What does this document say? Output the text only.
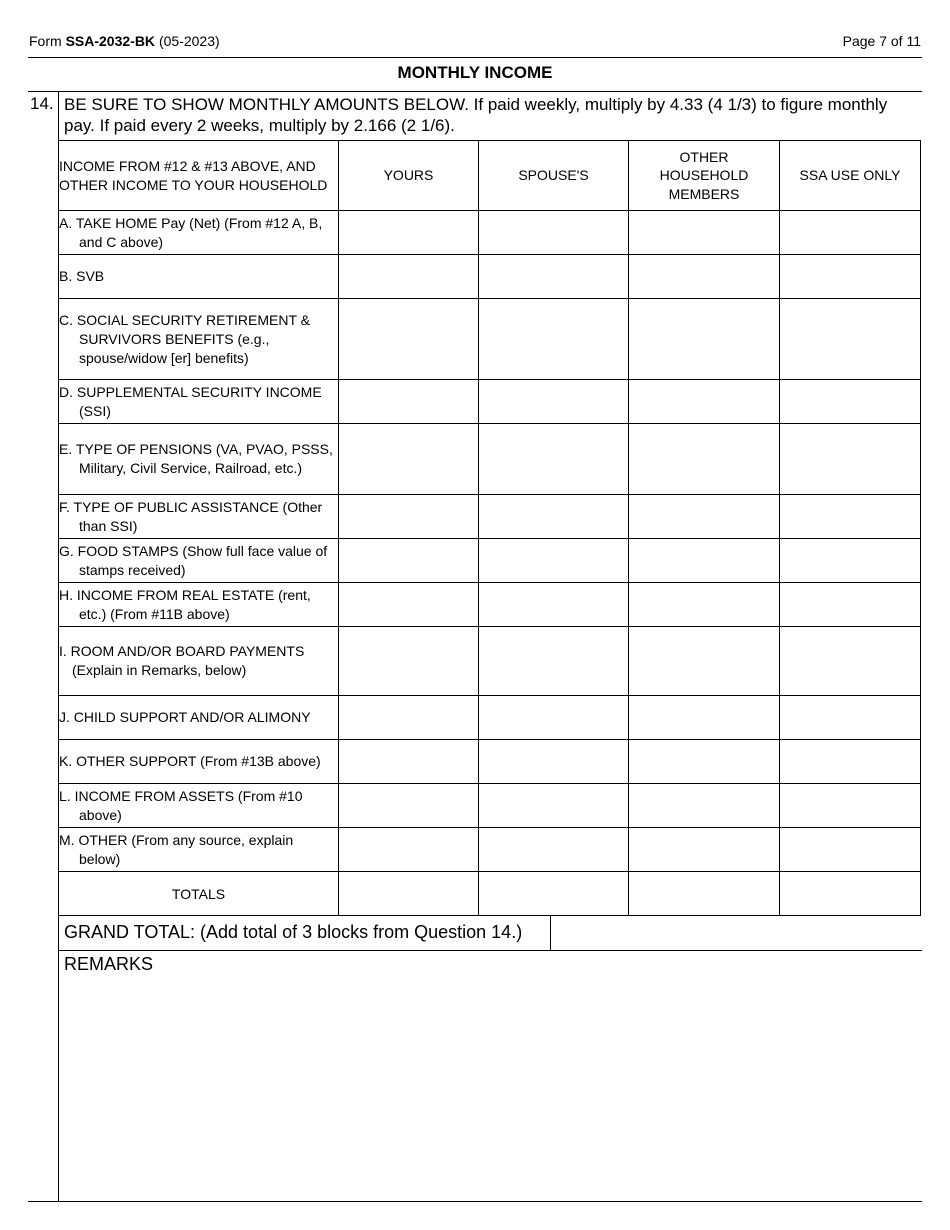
Form SSA-2032-BK (05-2023)	Page 7 of 11
MONTHLY INCOME
14. BE SURE TO SHOW MONTHLY AMOUNTS BELOW. If paid weekly, multiply by 4.33 (4 1/3) to figure monthly pay. If paid every 2 weeks, multiply by 2.166 (2 1/6).
INCOME FROM #12 & #13 ABOVE, AND OTHER INCOME TO YOUR HOUSEHOLD	YOURS	SPOUSE'S	OTHER HOUSEHOLD MEMBERS	SSA USE ONLY

A. TAKE HOME Pay (Net) (From #12 A, B, and C above)				

B. SVB				

C. SOCIAL SECURITY RETIREMENT & SURVIVORS BENEFITS (e.g., spouse/widow [er] benefits)				

D. SUPPLEMENTAL SECURITY INCOME (SSI)				

E. TYPE OF PENSIONS (VA, PVAO, PSSS, Military, Civil Service, Railroad, etc.)				

F. TYPE OF PUBLIC ASSISTANCE (Other than SSI)				

G. FOOD STAMPS (Show full face value of stamps received)				

H. INCOME FROM REAL ESTATE (rent, etc.) (From #11B above)				

I. ROOM AND/OR BOARD PAYMENTS (Explain in Remarks, below)				

J. CHILD SUPPORT AND/OR ALIMONY				

K. OTHER SUPPORT (From #13B above)				

L. INCOME FROM ASSETS (From #10 above)				

M. OTHER (From any source, explain below)				

TOTALS				
GRAND TOTAL: (Add total of 3 blocks from Question 14.)
REMARKS
